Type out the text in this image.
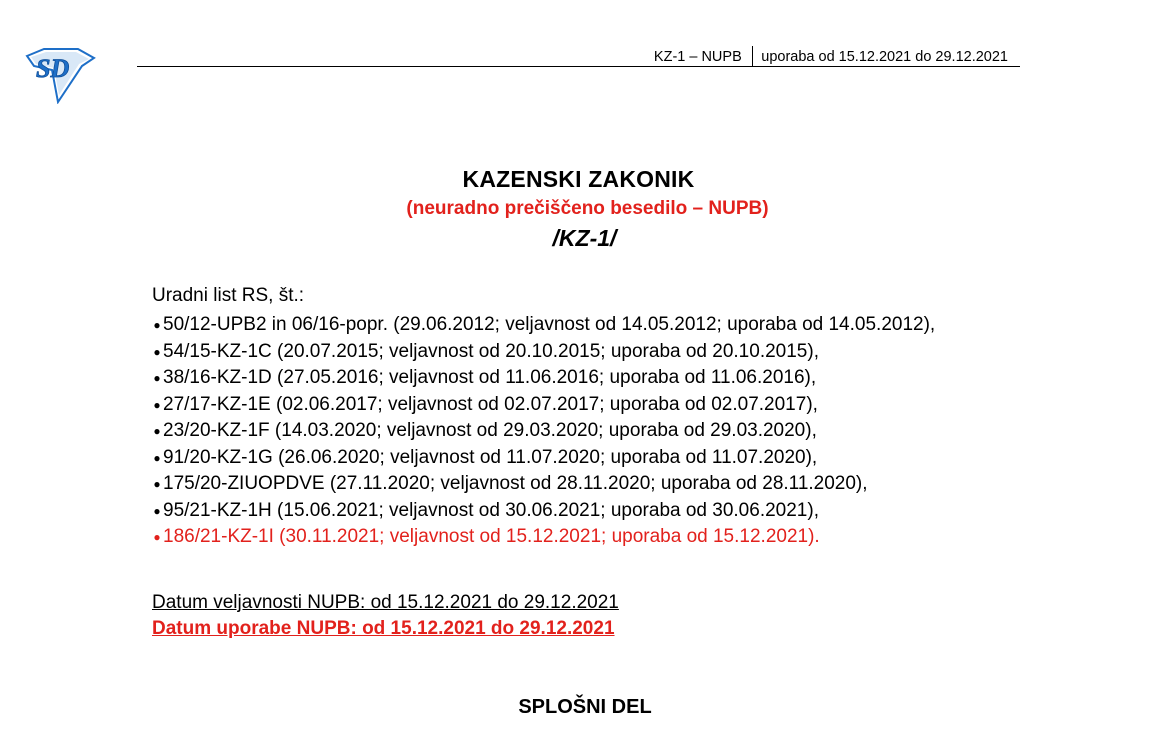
SD	KZ-1 – NUPB uporaba od 15.12.2021 do 29.12.2021
KAZENSKI ZAKONIK
(neuradno prečiščeno besedilo – NUPB)
/KZ-1/
Uradni list RS, št.:
● 50/12-UPB2 in 06/16-popr. (29.06.2012; veljavnost od 14.05.2012; uporaba od 14.05.2012),
● 54/15-KZ-1C (20.07.2015; veljavnost od 20.10.2015; uporaba od 20.10.2015),
● 38/16-KZ-1D (27.05.2016; veljavnost od 11.06.2016; uporaba od 11.06.2016),
● 27/17-KZ-1E (02.06.2017; veljavnost od 02.07.2017; uporaba od 02.07.2017),
● 23/20-KZ-1F (14.03.2020; veljavnost od 29.03.2020; uporaba od 29.03.2020),
● 91/20-KZ-1G (26.06.2020; veljavnost od 11.07.2020; uporaba od 11.07.2020),
● 175/20-ZIUOPDVE (27.11.2020; veljavnost od 28.11.2020; uporaba od 28.11.2020),
● 95/21-KZ-1H (15.06.2021; veljavnost od 30.06.2021; uporaba od 30.06.2021),
● 186/21-KZ-1I (30.11.2021; veljavnost od 15.12.2021; uporaba od 15.12.2021).
Datum veljavnosti NUPB: od 15.12.2021 do 29.12.2021
Datum uporabe NUPB: od 15.12.2021 do 29.12.2021
SPLOŠNI DEL
